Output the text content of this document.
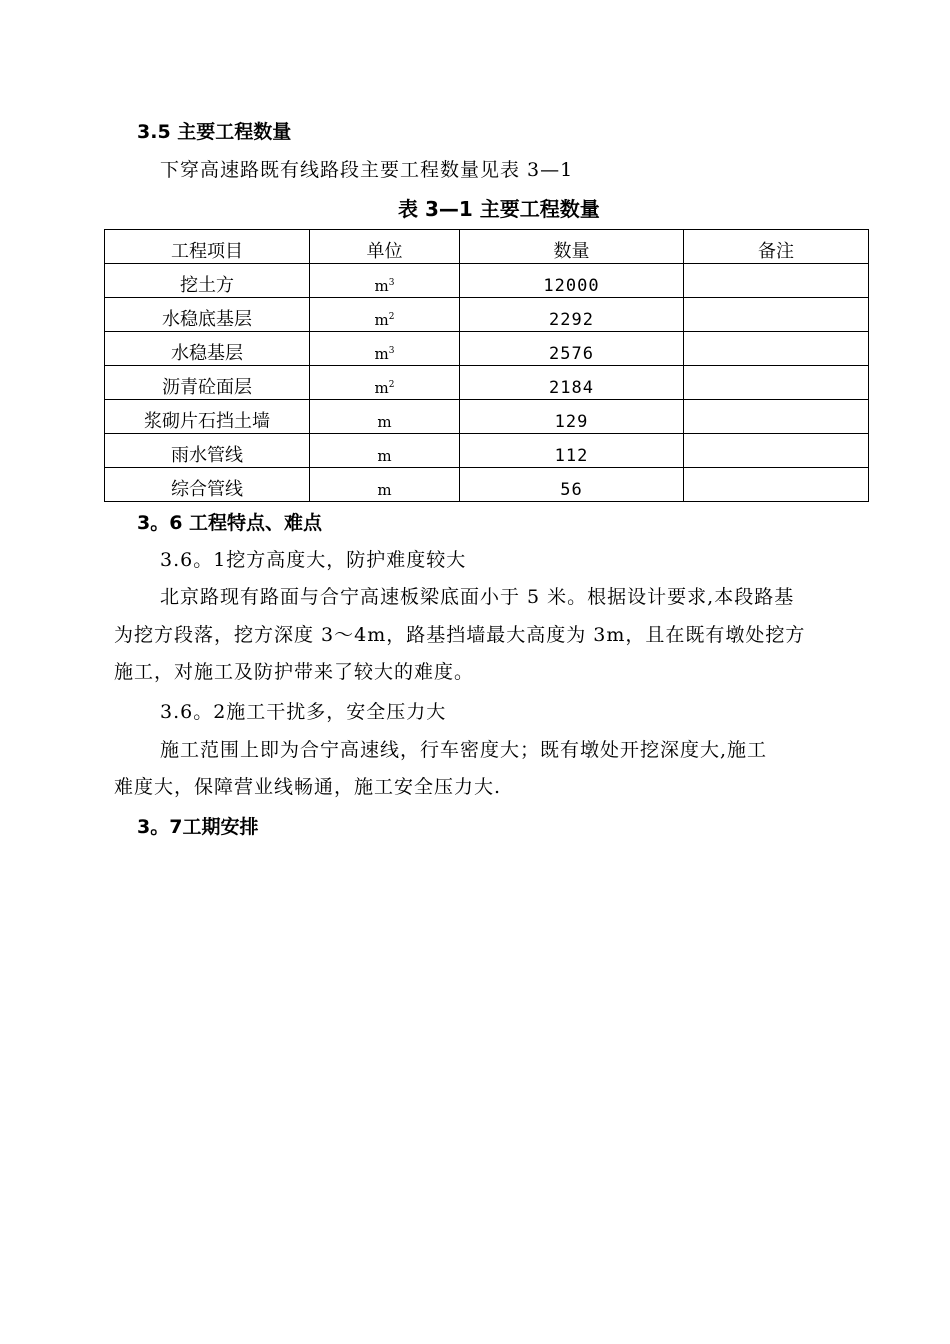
3.5 主要工程数量
下穿高速路既有线路段主要工程数量见表 3—1
表 3—1 主要工程数量
工程项目	单位	数量	备注
挖土方	$m^3$	12000	
水稳底基层	$m^2$	2292	
水稳基层	$m^3$	2576	
沥青砼面层	$m^2$	2184	
浆砌片石挡土墙	m	129	
雨水管线	m	112	
综合管线	m	56	
3。6 工程特点、难点
3.6。1挖方高度大，防护难度较大
北京路现有路面与合宁高速板梁底面小于 5 米。根据设计要求,本段路基
为挖方段落，挖方深度 3～4m，路基挡墙最大高度为 3m，且在既有墩处挖方
施工，对施工及防护带来了较大的难度。
3.6。2施工干扰多，安全压力大
施工范围上即为合宁高速线，行车密度大；既有墩处开挖深度大,施工
难度大，保障营业线畅通，施工安全压力大.
3。7工期安排
